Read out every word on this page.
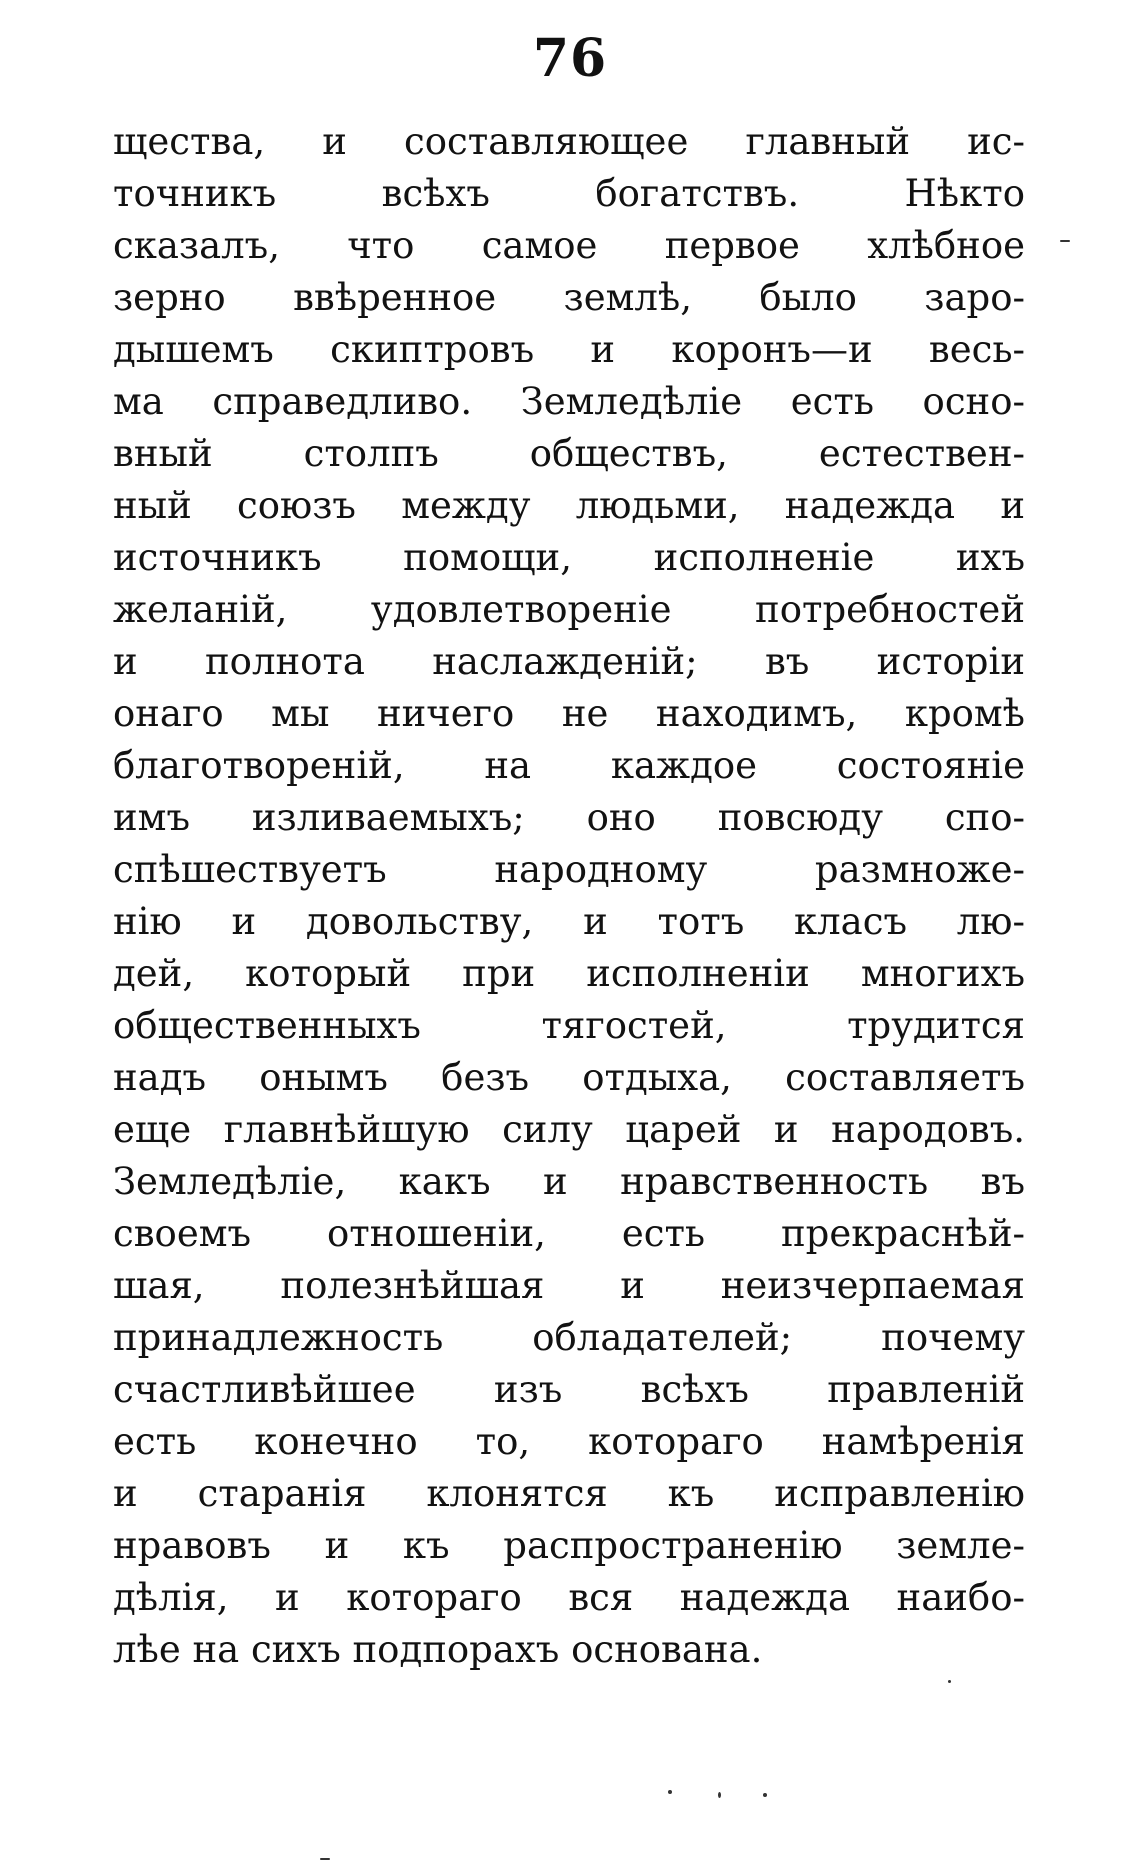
76
щества, и составляющее главный ис-
точникъ всѣхъ богатствъ. Нѣкто
сказалъ, что самое первое хлѣбное
зерно ввѣренное землѣ, было заро-
дышемъ скиптровъ и коронъ—и весь-
ма справедливо. Земледѣліе есть осно-
вный столпъ обществъ, естествен-
ный союзъ между людьми, надежда и
источникъ помощи, исполненіе ихъ
желаній, удовлетвореніе потребностей
и полнота наслажденій; въ исторіи
онаго мы ничего не находимъ, кромѣ
благотвореній, на каждое состояніе
имъ изливаемыхъ; оно повсюду спо-
спѣшествуетъ народному размноже-
нію и довольству, и тотъ класъ лю-
дей, который при исполненіи многихъ
общественныхъ тягостей, трудится
надъ онымъ безъ отдыха, составляетъ
еще главнѣйшую силу царей и народовъ.
Земледѣліе, какъ и нравственность въ
своемъ отношеніи, есть прекраснѣй-
шая, полезнѣйшая и неизчерпаемая
принадлежность обладателей; почему
счастливѣйшее изъ всѣхъ правленій
есть конечно то, котораго намѣренія
и старанія клонятся къ исправленію
нравовъ и къ распространенію земле-
дѣлія, и котораго вся надежда наибо-
лѣе на сихъ подпорахъ основана.
